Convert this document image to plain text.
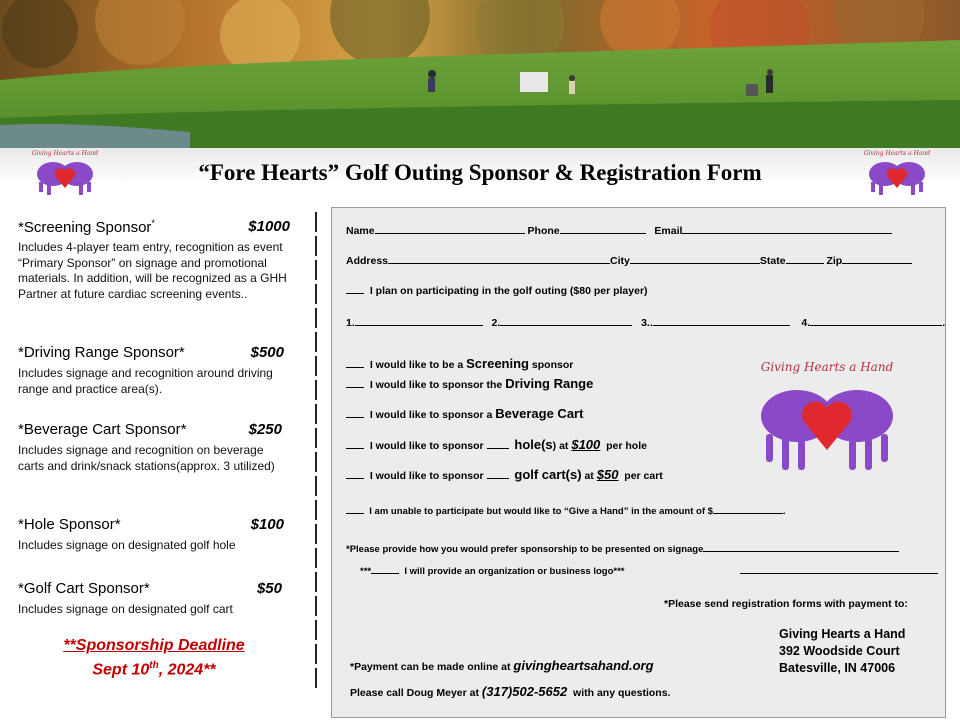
Giving Hearts a Hand	Giving Hearts a Hand
“Fore Hearts” Golf Outing Sponsor & Registration Form
*Screening Sponsor*	$1000
Includes 4-player team entry, recognition as event “Primary Sponsor” on signage and promotional materials. In addition, will be recognized as a GHH Partner at future cardiac screening events..
*Driving Range Sponsor*	$500
Includes signage and recognition around driving range and practice area(s).
*Beverage Cart Sponsor*	$250
Includes signage and recognition on beverage carts and drink/snack stations(approx. 3 utilized)
*Hole Sponsor*	$100
Includes signage on designated golf hole
*Golf Cart Sponsor*	$50
Includes signage on designated golf cart
**Sponsorship Deadline
Sept 10th, 2024**
Name	Phone	Email
Address	City	State	Zip
I plan on participating in the golf outing ($80 per player)
1.	2.	3..	4.	.
I would like to be a Screening sponsor
I would like to sponsor the Driving Range
I would like to sponsor a Beverage Cart
I would like to sponsor hole(s) at $100 per hole
I would like to sponsor golf cart(s) at $50 per cart
I am unable to participate but would like to “Give a Hand” in the amount of $	.
*Please provide how you would prefer sponsorship to be presented on signage
***	I will provide an organization or business logo***
Giving Hearts a Hand
*Please send registration forms with payment to:
Giving Hearts a Hand
392 Woodside Court
Batesville, IN 47006
*Payment can be made online at givingheartsahand.org
Please call Doug Meyer at (317)502-5652 with any questions.
